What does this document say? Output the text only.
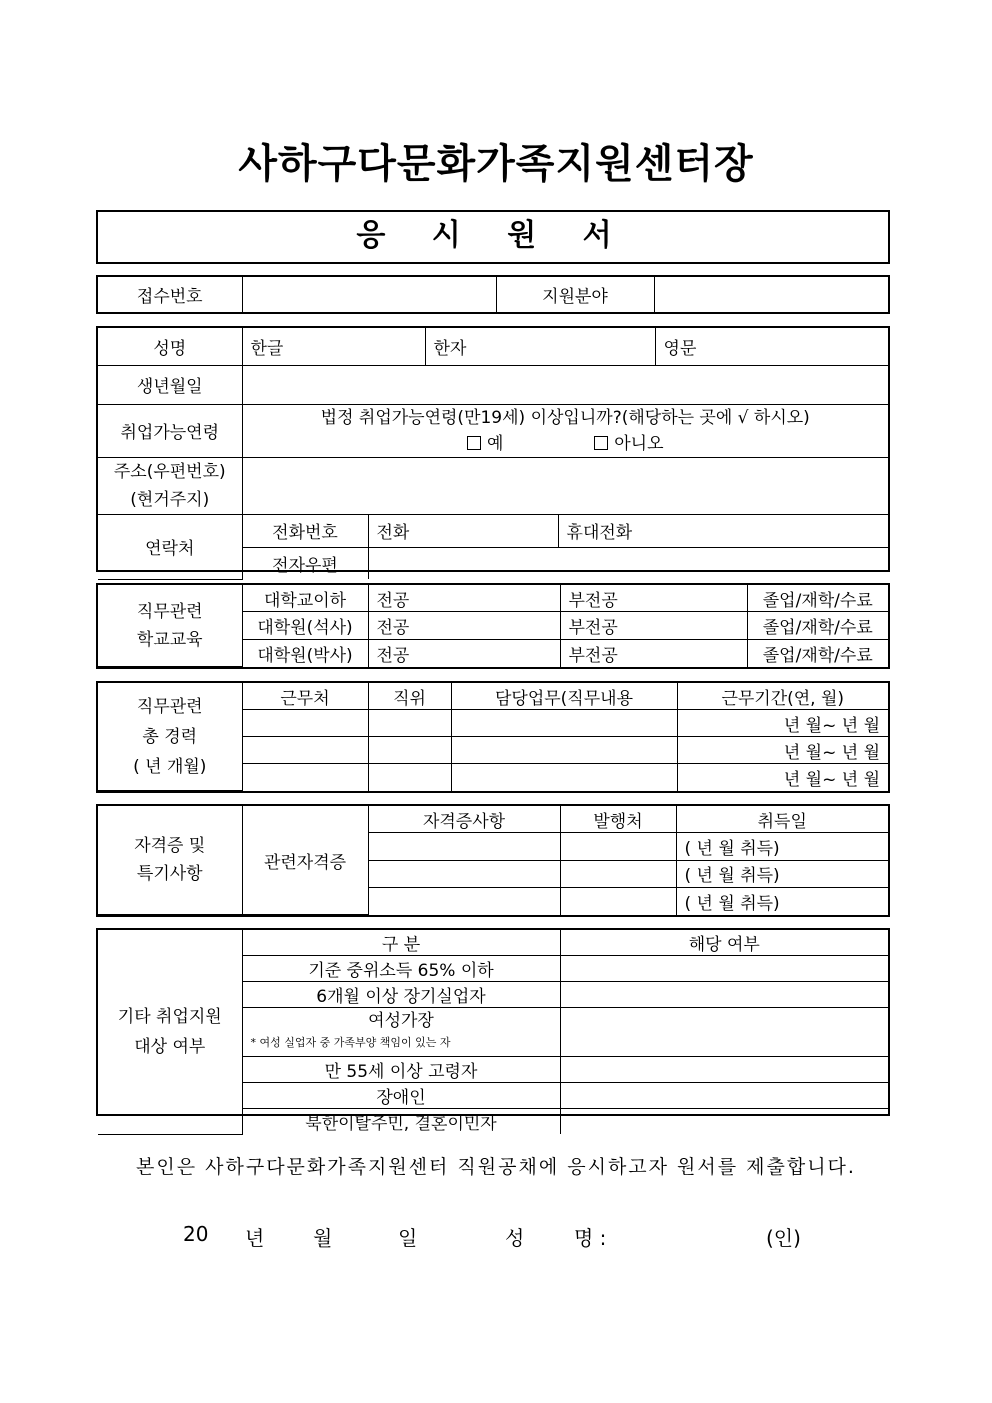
사하구다문화가족지원센터장
응 시 원 서
접수번호		지원분야	
성명	한글		한자		영문
생년월일					
취업가능연령	법정 취업가능연령(만19세) 이상입니까?(해당하는 곳에 √ 하시오)
예 아니오				

주소(우편번호)
(현거주지)					

연락처	전화번호	전화		휴대전화	
	전자우편				
직무관련
학교교육	대학교이하	전공	부전공	졸업/재학/수료
	대학원(석사)	전공	부전공	졸업/재학/수료
	대학원(박사)	전공	부전공	졸업/재학/수료
직무관련
총 경력
( 년 개월)	근무처	직위	담당업무(직무내용	근무기간(연, 월)
				년 월~ 년 월
				년 월~ 년 월
				년 월~ 년 월
자격증 및
특기사항	관련자격증	자격증사항	발행처	취득일
				( 년 월 취득)
				( 년 월 취득)
				( 년 월 취득)
기타 취업지원
대상 여부	구 분	해당 여부
	기준 중위소득 65% 이하	
	6개월 이상 장기실업자	

	여성가장
* 여성 실업자 중 가족부양 책임이 있는 자	

	만 55세 이상 고령자	
	장애인	
	북한이탈주민, 결혼이민자	
본인은 사하구다문화가족지원센터 직원공채에 응시하고자 원서를 제출합니다.
20 년 월	일	성 명 :	(인)
